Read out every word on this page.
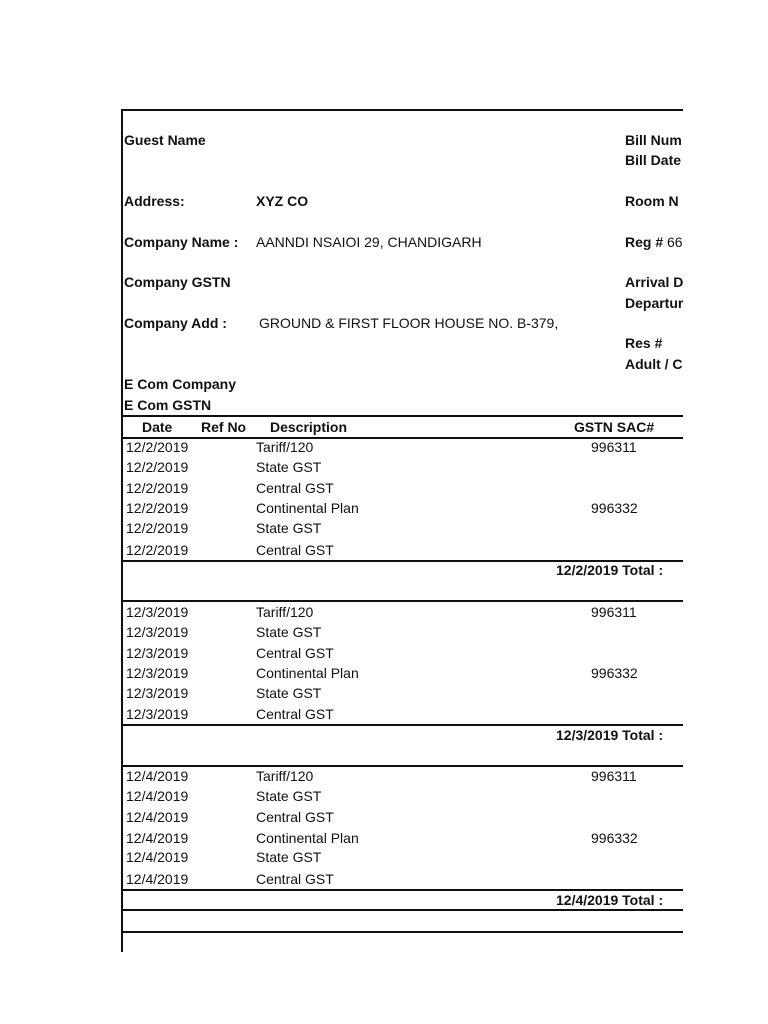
Guest Name
Address:	XYZ CO
Company Name : AANNDI NSAIOI 29, CHANDIGARH
Company GSTN
Company Add : GROUND & FIRST FLOOR HOUSE NO. B-379,
E Com Company
E Com GSTN
Bill Num
Bill Date
Room N
Reg # 66
Arrival D
Departur
Res #
Adult / C
Date Ref No Description	GSTN SAC#
12/2/2019	Tariff/120	996311
12/2/2019	State GST
12/2/2019	Central GST
12/2/2019	Continental Plan	996332
12/2/2019	State GST
12/2/2019	Central GST
12/2/2019 Total :
12/3/2019	Tariff/120	996311
12/3/2019	State GST
12/3/2019	Central GST
12/3/2019	Continental Plan	996332
12/3/2019	State GST
12/3/2019	Central GST
12/3/2019 Total :
12/4/2019	Tariff/120	996311
12/4/2019	State GST
12/4/2019	Central GST
12/4/2019	Continental Plan	996332
12/4/2019	State GST
12/4/2019	Central GST
12/4/2019 Total :
